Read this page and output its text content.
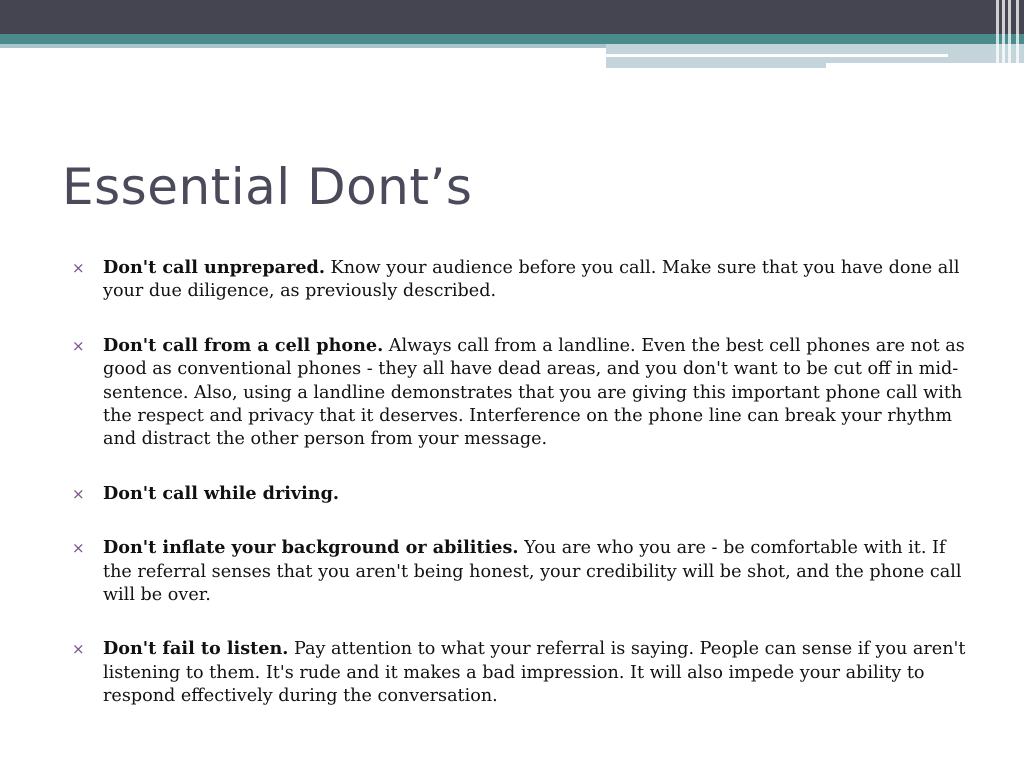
Essential Dont’s
× Don't call unprepared. Know your audience before you call. Make sure that you have done all your due diligence, as previously described.
× Don't call from a cell phone. Always call from a landline. Even the best cell phones are not as good as conventional phones - they all have dead areas, and you don't want to be cut off in mid-sentence. Also, using a landline demonstrates that you are giving this important phone call with the respect and privacy that it deserves. Interference on the phone line can break your rhythm and distract the other person from your message.
× Don't call while driving.
× Don't inflate your background or abilities. You are who you are - be comfortable with it. If the referral senses that you aren't being honest, your credibility will be shot, and the phone call will be over.
× Don't fail to listen. Pay attention to what your referral is saying. People can sense if you aren't listening to them. It's rude and it makes a bad impression. It will also impede your ability to respond effectively during the conversation.
